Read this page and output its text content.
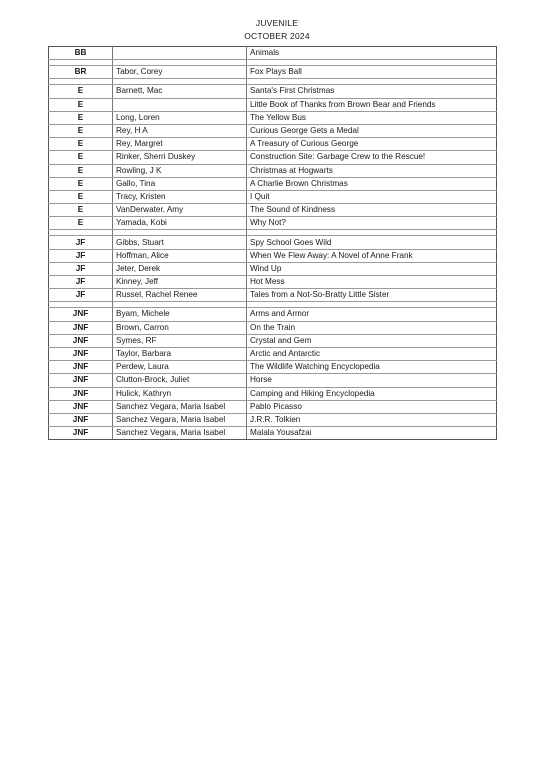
JUVENILE
OCTOBER 2024
BB		Animals

BR	Tabor, Corey	Fox Plays Ball

E	Barnett, Mac	Santa's First Christmas
E		Little Book of Thanks from Brown Bear and Friends
E	Long, Loren	The Yellow Bus
E	Rey, H A	Curious George Gets a Medal
E	Rey, Margret	A Treasury of Curious George
E	Rinker, Sherri Duskey	Construction Site: Garbage Crew to the Rescue!
E	Rowling, J K	Christmas at Hogwarts
E	Gallo, Tina	A Charlie Brown Christmas
E	Tracy, Kristen	I Quit
E	VanDerwater, Amy	The Sound of Kindness
E	Yamada, Kobi	Why Not?

JF	Gibbs, Stuart	Spy School Goes Wild
JF	Hoffman, Alice	When We Flew Away: A Novel of Anne Frank
JF	Jeter, Derek	Wind Up
JF	Kinney, Jeff	Hot Mess
JF	Russel, Rachel Renee	Tales from a Not-So-Bratty Little Sister

JNF	Byam, Michele	Arms and Armor
JNF	Brown, Carron	On the Train
JNF	Symes, RF	Crystal and Gem
JNF	Taylor, Barbara	Arctic and Antarctic
JNF	Perdew, Laura	The Wildlife Watching Encyclopedia
JNF	Clutton-Brock, Juliet	Horse
JNF	Hulick, Kathryn	Camping and Hiking Encyclopedia
JNF	Sanchez Vegara, Maria Isabel	Pablo Picasso
JNF	Sanchez Vegara, Maria Isabel	J.R.R. Tolkien
JNF	Sanchez Vegara, Maria Isabel	Malala Yousafzai
